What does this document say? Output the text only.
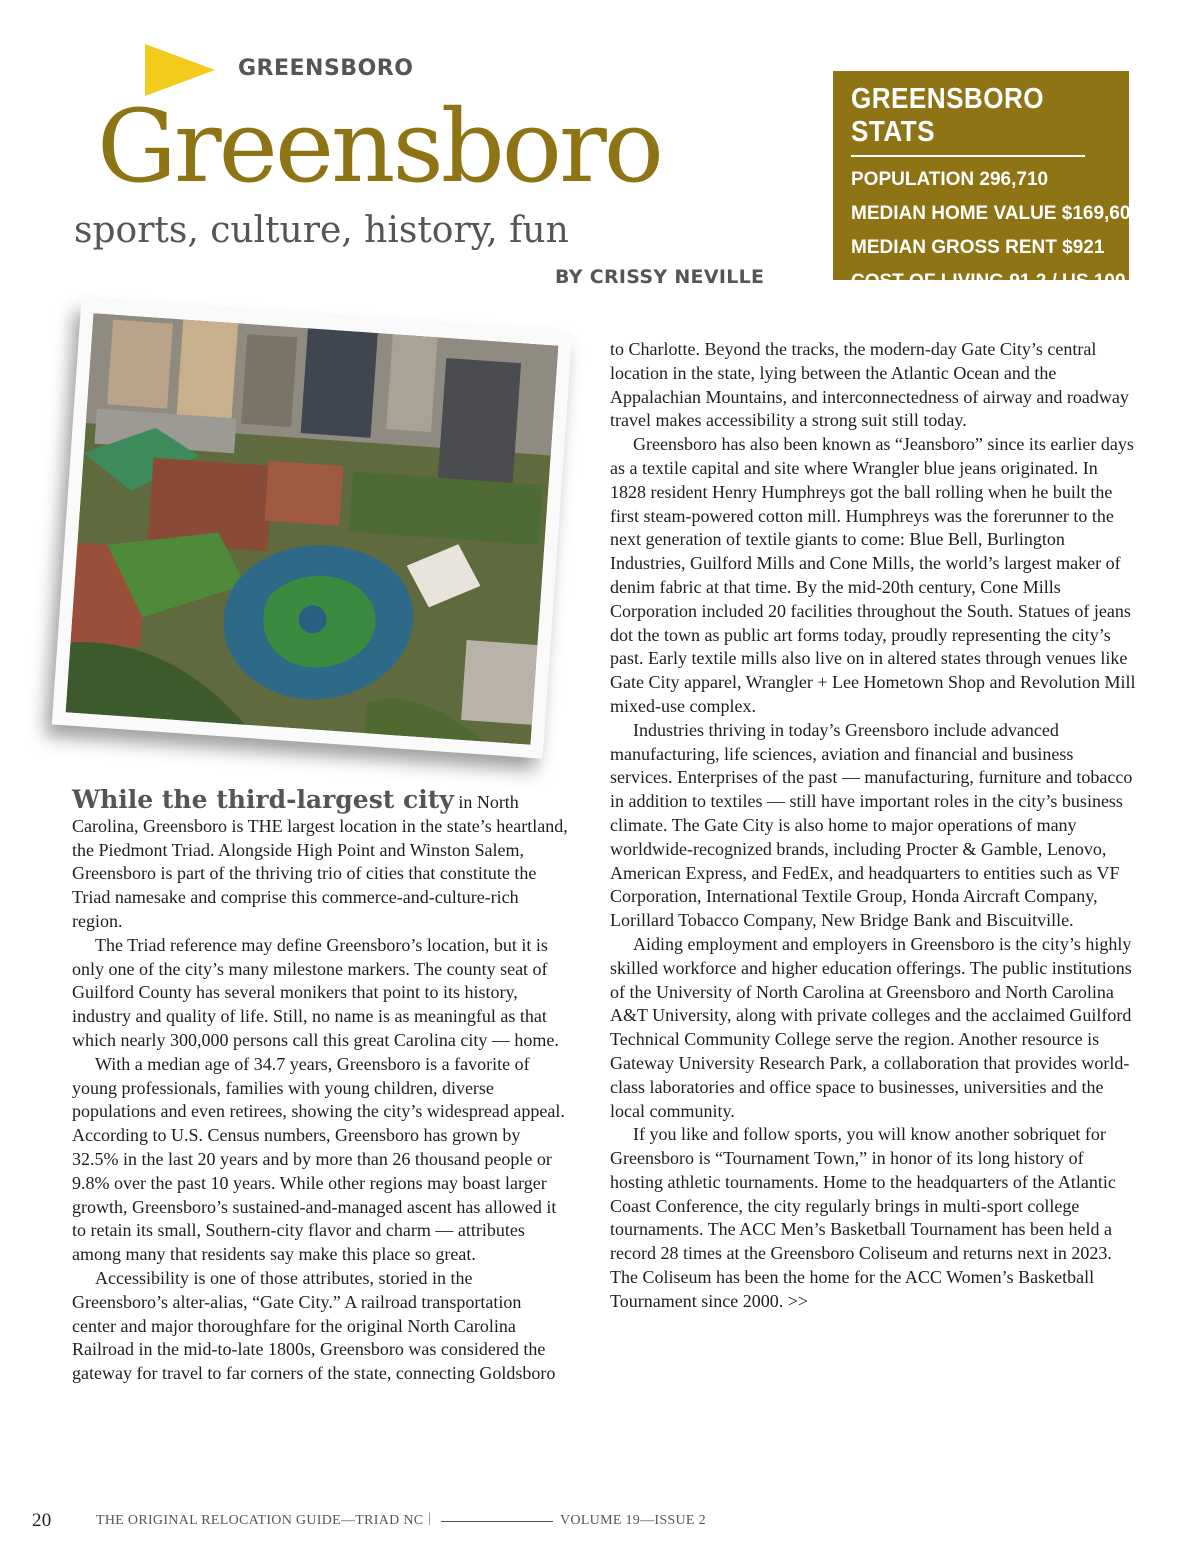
GREENSBORO
Greensboro
sports, culture, history, fun
BY CRISSY NEVILLE
GREENSBORO STATS
POPULATION 296,710
MEDIAN HOME VALUE $169,600
MEDIAN GROSS RENT $921
COST OF LIVING 91.2 / US 100

While the third-largest city in North Carolina, Greensboro is THE largest location in the state’s heartland, the Piedmont Triad. Alongside High Point and Winston Salem, Greensboro is part of the thriving trio of cities that constitute the Triad namesake and comprise this commerce-and-culture-rich region.

The Triad reference may define Greensboro’s location, but it is only one of the city’s many milestone markers. The county seat of Guilford County has several monikers that point to its history, industry and quality of life. Still, no name is as meaningful as that which nearly 300,000 persons call this great Carolina city — home.

With a median age of 34.7 years, Greensboro is a favorite of young professionals, families with young children, diverse populations and even retirees, showing the city’s widespread appeal. According to U.S. Census numbers, Greensboro has grown by 32.5% in the last 20 years and by more than 26 thousand people or 9.8% over the past 10 years. While other regions may boast larger growth, Greensboro’s sustained-and-managed ascent has allowed it to retain its small, Southern-city flavor and charm — attributes among many that residents say make this place so great.

Accessibility is one of those attributes, storied in the Greensboro’s alter-alias, “Gate City.” A railroad transportation center and major thoroughfare for the original North Carolina Railroad in the mid-to-late 1800s, Greensboro was considered the gateway for travel to far corners of the state, connecting Goldsboro

to Charlotte. Beyond the tracks, the modern-day Gate City’s central location in the state, lying between the Atlantic Ocean and the Appalachian Mountains, and interconnectedness of airway and roadway travel makes accessibility a strong suit still today.

Greensboro has also been known as “Jeansboro” since its earlier days as a textile capital and site where Wrangler blue jeans originated. In 1828 resident Henry Humphreys got the ball rolling when he built the first steam-powered cotton mill. Humphreys was the forerunner to the next generation of textile giants to come: Blue Bell, Burlington Industries, Guilford Mills and Cone Mills, the world’s largest maker of denim fabric at that time. By the mid-20th century, Cone Mills Corporation included 20 facilities throughout the South. Statues of jeans dot the town as public art forms today, proudly representing the city’s past. Early textile mills also live on in altered states through venues like Gate City apparel, Wrangler + Lee Hometown Shop and Revolution Mill mixed-use complex.

Industries thriving in today’s Greensboro include advanced manufacturing, life sciences, aviation and financial and business services. Enterprises of the past — manufacturing, furniture and tobacco in addition to textiles — still have important roles in the city’s business climate. The Gate City is also home to major operations of many worldwide-recognized brands, including Procter & Gamble, Lenovo, American Express, and FedEx, and headquarters to entities such as VF Corporation, International Textile Group, Honda Aircraft Company, Lorillard Tobacco Company, New Bridge Bank and Biscuitville.

Aiding employment and employers in Greensboro is the city’s highly skilled workforce and higher education offerings. The public institutions of the University of North Carolina at Greensboro and North Carolina A&T University, along with private colleges and the acclaimed Guilford Technical Community College serve the region. Another resource is Gateway University Research Park, a collaboration that provides world-class laboratories and office space to businesses, universities and the local community.

If you like and follow sports, you will know another sobriquet for Greensboro is “Tournament Town,” in honor of its long history of hosting athletic tournaments. Home to the headquarters of the Atlantic Coast Conference, the city regularly brings in multi-sport college tournaments. The ACC Men’s Basketball Tournament has been held a record 28 times at the Greensboro Coliseum and returns next in 2023. The Coliseum has been the home for the ACC Women’s Basketball Tournament since 2000. >>

20	THE ORIGINAL RELOCATION GUIDE—TRIAD NC |	VOLUME 19—ISSUE 2
